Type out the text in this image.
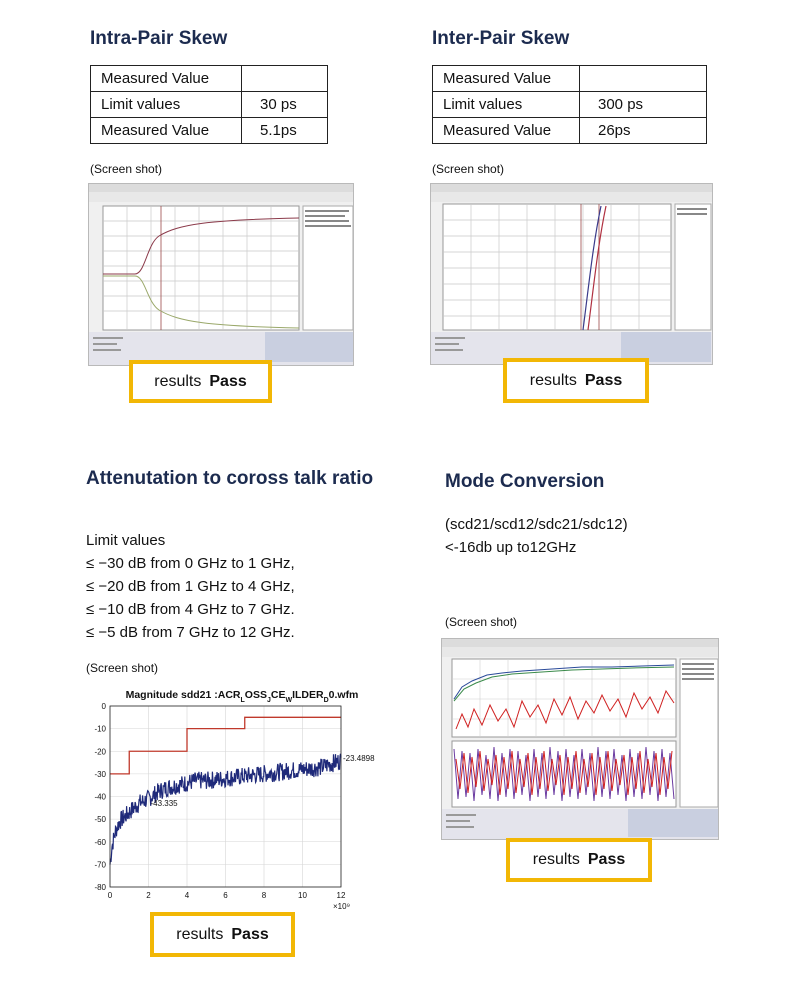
Intra-Pair Skew
Measured Value	
Limit values	30 ps
Measured Value	5.1ps
(Screen shot)
results Pass
Inter-Pair Skew
Measured Value	
Limit values	300 ps
Measured Value	26ps
(Screen shot)
results Pass
Attenutation to coross talk ratio
Limit values
≤ −30 dB from 0 GHz to 1 GHz,
≤ −20 dB from 1 GHz to 4 GHz,
≤ −10 dB from 4 GHz to 7 GHz.
≤ −5 dB from 7 GHz to 12 GHz.
(Screen shot)
Magnitude sdd21 $:ACR_LOSS_JCE_WILDER_D0.wfm$
0	2	4	6	8	10	12
0
-10
-20
-30
-40
-50
-60
-70
-80
-23.4898
-43.335
×10⁹
results Pass
Mode Conversion
(scd21/scd12/sdc21/sdc12)
<-16db up to12GHz
(Screen shot)
results Pass
